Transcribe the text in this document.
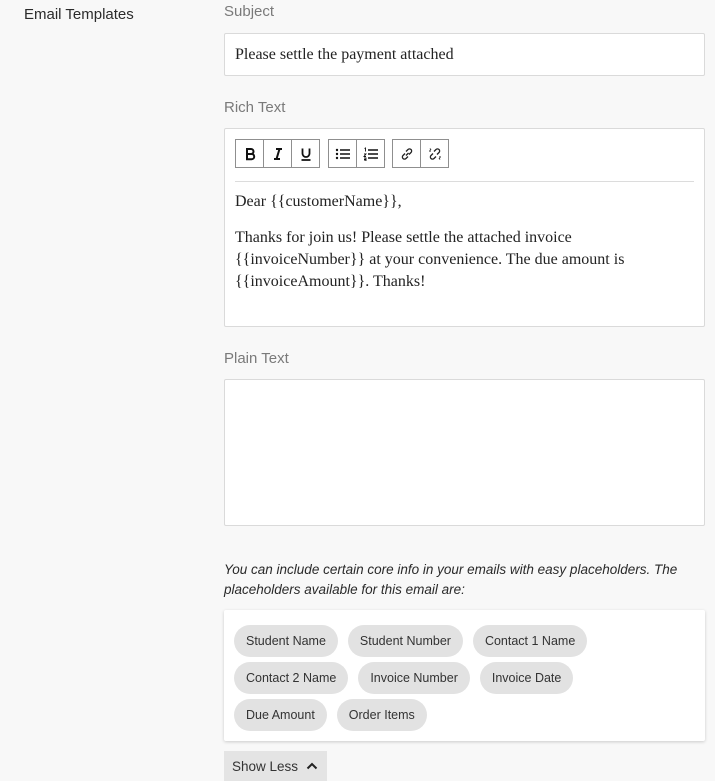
Email Templates	Subject
Please settle the payment attached
Rich Text

Dear {{customerName}},

Thanks for join us! Please settle the attached invoice {{invoiceNumber}} at your convenience. The due amount is {{invoiceAmount}}. Thanks!

Plain Text
You can include certain core info in your emails with easy placeholders. The placeholders available for this email are:
Student Name	Student Number	Contact 1 Name
Contact 2 Name	Invoice Number	Invoice Date
Due Amount	Order Items
Show Less
